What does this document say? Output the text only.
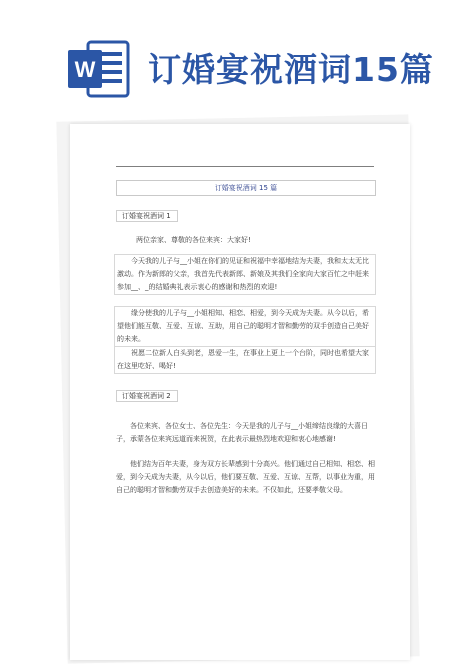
W 订婚宴祝酒词15篇
订婚宴祝酒词 15 篇
订婚宴祝酒词 1

两位亲家、尊敬的各位来宾：大家好!

今天我的儿子与__小姐在你们的见证和祝福中幸福地结为夫妻，我和太太无比激动。作为新郎的父亲，我首先代表新郎、新娘及其我们全家向大家百忙之中赶来参加__、_的结婚典礼表示衷心的感谢和热烈的欢迎!

缘分使我的儿子与__小姐相知、相恋、相爱，到今天成为夫妻。从今以后，希望他们能互敬、互爱、互谅、互助，用自己的聪明才智和勤劳的双手创造自己美好的未来。

祝愿二位新人白头到老，恩爱一生，在事业上更上一个台阶，同时也希望大家在这里吃好、喝好!

订婚宴祝酒词 2

各位来宾、各位女士、各位先生：今天是我的儿子与__小姐缔结良缘的大喜日子，承蒙各位来宾远道而来祝贺，在此表示最热烈地欢迎和衷心地感谢!

他们结为百年夫妻，身为双方长辈感到十分高兴。他们通过自己相知、相恋、相爱，到今天成为夫妻，从今以后，他们要互敬、互爱、互谅、互帮，以事业为重，用自己的聪明才智和勤劳双手去创造美好的未来。不仅如此，还要孝敬父母。
